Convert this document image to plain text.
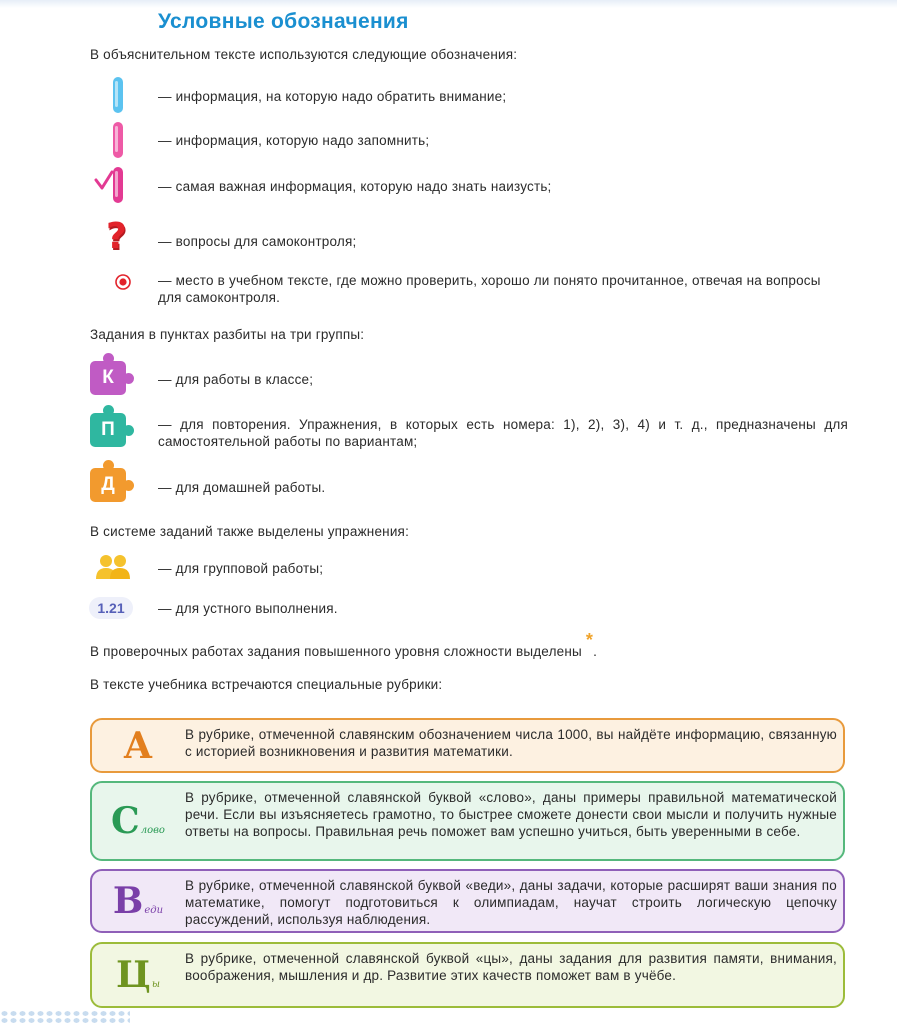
Условные обозначения
В объяснительном тексте используются следующие обозначения:
— информация, на которую надо обратить внимание;
— информация, которую надо запомнить;
— самая важная информация, которую надо знать наизусть;
? — вопросы для самоконтроля;
— место в учебном тексте, где можно проверить, хорошо ли понято прочитанное, отвечая на вопросы для самоконтроля.
Задания в пунктах разбиты на три группы:
К	— для работы в классе;
П	— для повторения. Упражнения, в которых есть номера: 1), 2), 3), 4) и т. д., предназначены для самостоятельной работы по вариантам;
Д	— для домашней работы.
В системе заданий также выделены упражнения:
— для групповой работы;
1.21	— для устного выполнения.
В проверочных работах задания повышенного уровня сложности выделены *.
В тексте учебника встречаются специальные рубрики:
А	В рубрике, отмеченной славянским обозначением числа 1000, вы найдёте информацию, связанную с историей возникновения и развития математики.
Слово
В рубрике, отмеченной славянской буквой «слово», даны примеры правильной математической речи. Если вы изъясняетесь грамотно, то быстрее сможете донести свои мысли и получить нужные ответы на вопросы. Правильная речь поможет вам успешно учиться, быть уверенными в себе.
Веди
В рубрике, отмеченной славянской буквой «веди», даны задачи, которые расширят ваши знания по математике, помогут подготовиться к олимпиадам, научат строить логическую цепочку рассуждений, используя наблюдения.
Цы
В рубрике, отмеченной славянской буквой «цы», даны задания для развития памяти, внимания, воображения, мышления и др. Развитие этих качеств поможет вам в учёбе.
